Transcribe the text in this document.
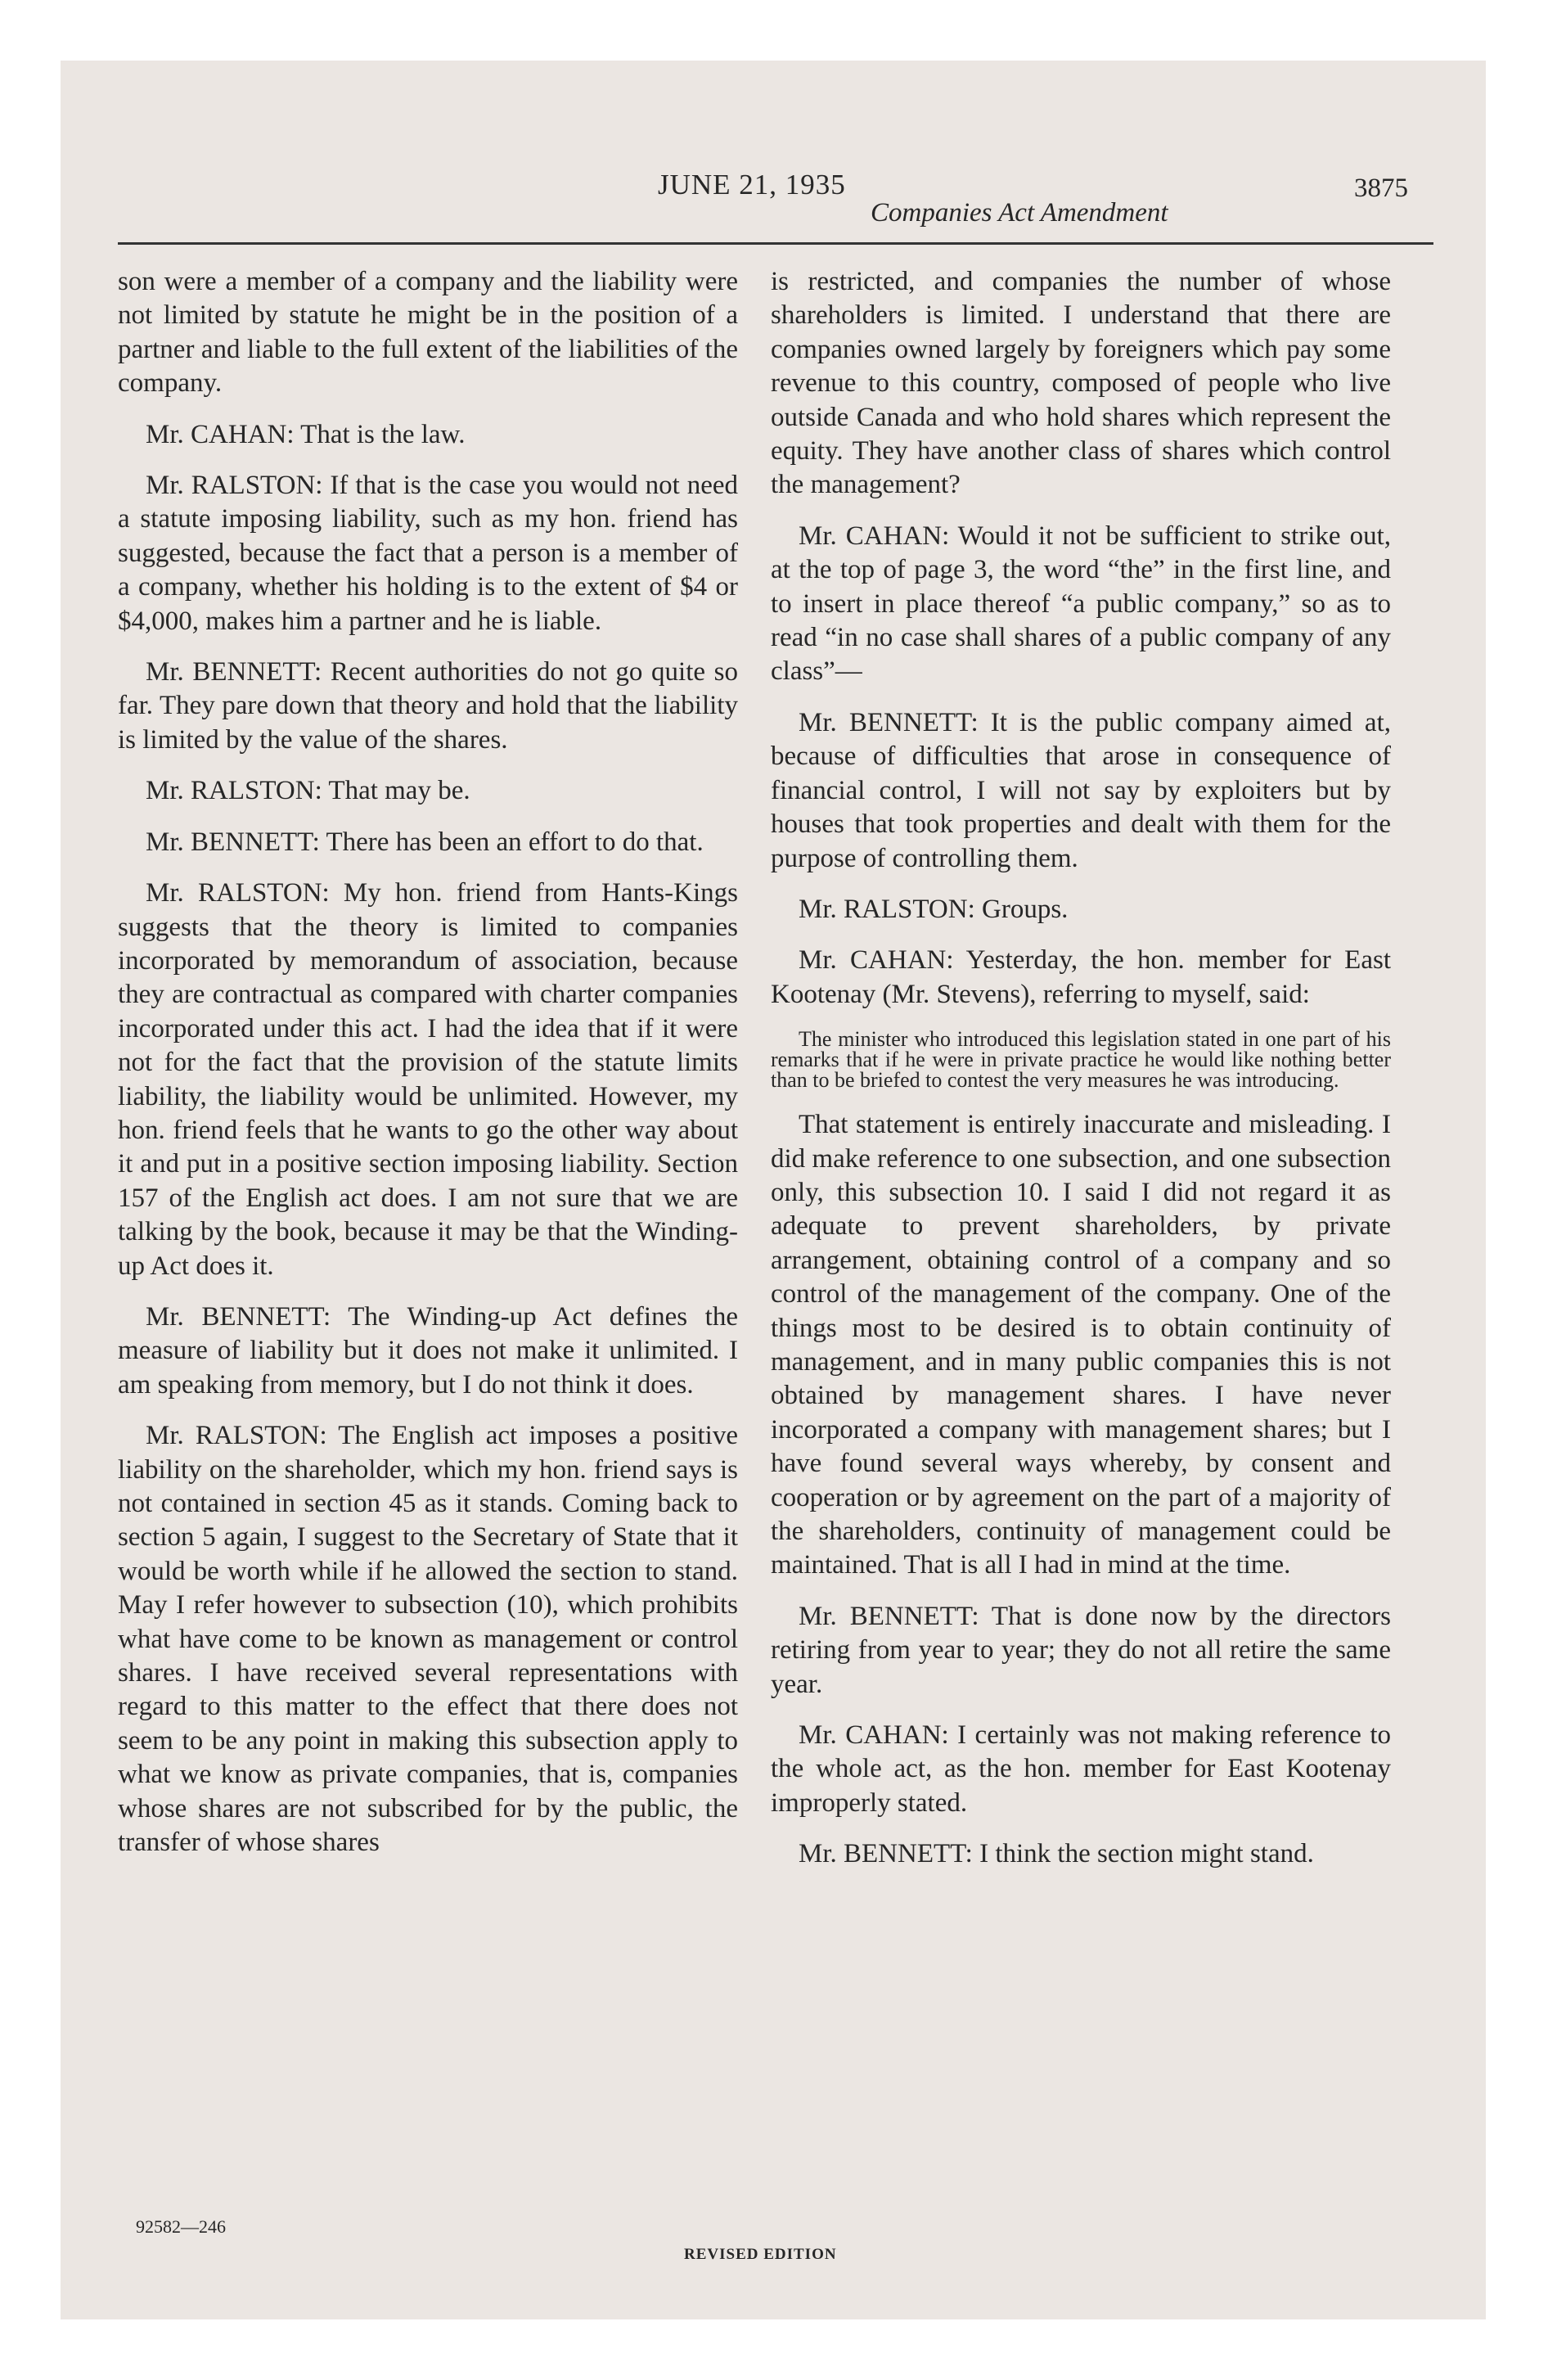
JUNE 21, 1935
Companies Act Amendment
3875

son were a member of a company and the liability were not limited by statute he might be in the position of a partner and liable to the full extent of the liabilities of the company.

Mr. CAHAN: That is the law.

Mr. RALSTON: If that is the case you would not need a statute imposing liability, such as my hon. friend has suggested, because the fact that a person is a member of a company, whether his holding is to the extent of $4 or $4,000, makes him a partner and he is liable.

Mr. BENNETT: Recent authorities do not go quite so far. They pare down that theory and hold that the liability is limited by the value of the shares.

Mr. RALSTON: That may be.

Mr. BENNETT: There has been an effort to do that.

Mr. RALSTON: My hon. friend from Hants-Kings suggests that the theory is limited to companies incorporated by memorandum of association, because they are contractual as compared with charter companies incorporated under this act. I had the idea that if it were not for the fact that the provision of the statute limits liability, the liability would be unlimited. However, my hon. friend feels that he wants to go the other way about it and put in a positive section imposing liability. Section 157 of the English act does. I am not sure that we are talking by the book, because it may be that the Winding-up Act does it.

Mr. BENNETT: The Winding-up Act defines the measure of liability but it does not make it unlimited. I am speaking from memory, but I do not think it does.

Mr. RALSTON: The English act imposes a positive liability on the shareholder, which my hon. friend says is not contained in section 45 as it stands. Coming back to section 5 again, I suggest to the Secretary of State that it would be worth while if he allowed the section to stand. May I refer however to subsection (10), which prohibits what have come to be known as management or control shares. I have received several representations with regard to this matter to the effect that there does not seem to be any point in making this subsection apply to what we know as private companies, that is, companies whose shares are not subscribed for by the public, the transfer of whose shares

is restricted, and companies the number of whose shareholders is limited. I understand that there are companies owned largely by foreigners which pay some revenue to this country, composed of people who live outside Canada and who hold shares which represent the equity. They have another class of shares which control the management?

Mr. CAHAN: Would it not be sufficient to strike out, at the top of page 3, the word “the” in the first line, and to insert in place thereof “a public company,” so as to read “in no case shall shares of a public company of any class”—

Mr. BENNETT: It is the public company aimed at, because of difficulties that arose in consequence of financial control, I will not say by exploiters but by houses that took properties and dealt with them for the purpose of controlling them.

Mr. RALSTON: Groups.

Mr. CAHAN: Yesterday, the hon. member for East Kootenay (Mr. Stevens), referring to myself, said:

The minister who introduced this legislation stated in one part of his remarks that if he were in private practice he would like nothing better than to be briefed to contest the very measures he was introducing.

That statement is entirely inaccurate and misleading. I did make reference to one subsection, and one subsection only, this subsection 10. I said I did not regard it as adequate to prevent shareholders, by private arrangement, obtaining control of a company and so control of the management of the company. One of the things most to be desired is to obtain continuity of management, and in many public companies this is not obtained by management shares. I have never incorporated a company with management shares; but I have found several ways whereby, by consent and cooperation or by agreement on the part of a majority of the shareholders, continuity of management could be maintained. That is all I had in mind at the time.

Mr. BENNETT: That is done now by the directors retiring from year to year; they do not all retire the same year.

Mr. CAHAN: I certainly was not making reference to the whole act, as the hon. member for East Kootenay improperly stated.

Mr. BENNETT: I think the section might stand.

92582—246
REVISED EDITION
